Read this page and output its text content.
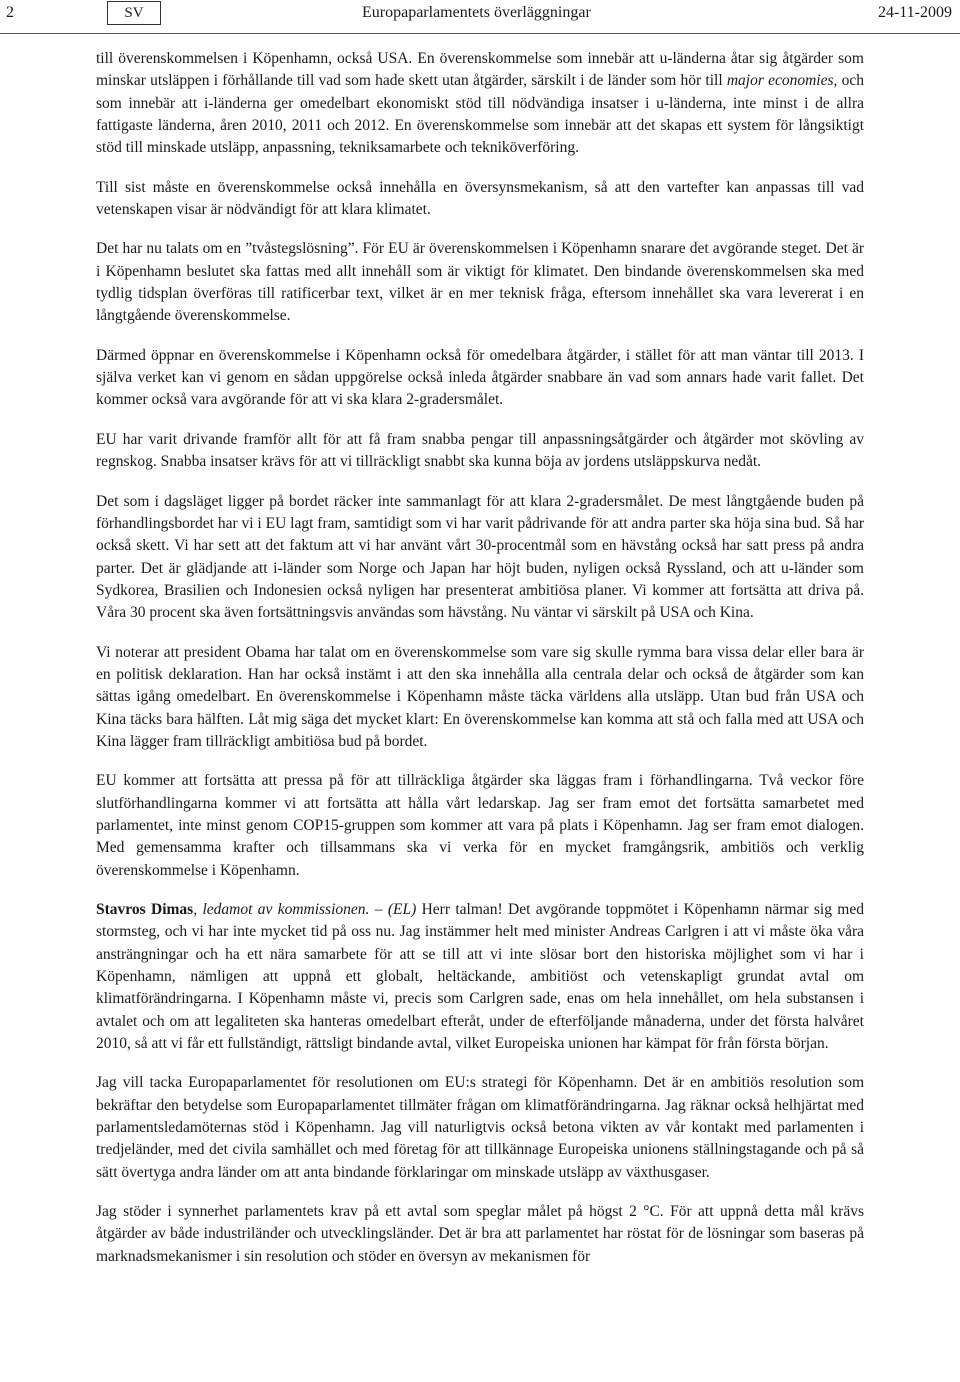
2	SV	Europaparlamentets överläggningar	24-11-2009

till överenskommelsen i Köpenhamn, också USA. En överenskommelse som innebär att u-länderna åtar sig åtgärder som minskar utsläppen i förhållande till vad som hade skett utan åtgärder, särskilt i de länder som hör till major economies, och som innebär att i-länderna ger omedelbart ekonomiskt stöd till nödvändiga insatser i u-länderna, inte minst i de allra fattigaste länderna, åren 2010, 2011 och 2012. En överenskommelse som innebär att det skapas ett system för långsiktigt stöd till minskade utsläpp, anpassning, tekniksamarbete och tekniköverföring.

Till sist måste en överenskommelse också innehålla en översynsmekanism, så att den vartefter kan anpassas till vad vetenskapen visar är nödvändigt för att klara klimatet.

Det har nu talats om en ”tvåstegslösning”. För EU är överenskommelsen i Köpenhamn snarare det avgörande steget. Det är i Köpenhamn beslutet ska fattas med allt innehåll som är viktigt för klimatet. Den bindande överenskommelsen ska med tydlig tidsplan överföras till ratificerbar text, vilket är en mer teknisk fråga, eftersom innehållet ska vara levererat i en långtgående överenskommelse.

Därmed öppnar en överenskommelse i Köpenhamn också för omedelbara åtgärder, i stället för att man väntar till 2013. I själva verket kan vi genom en sådan uppgörelse också inleda åtgärder snabbare än vad som annars hade varit fallet. Det kommer också vara avgörande för att vi ska klara 2-gradersmålet.

EU har varit drivande framför allt för att få fram snabba pengar till anpassningsåtgärder och åtgärder mot skövling av regnskog. Snabba insatser krävs för att vi tillräckligt snabbt ska kunna böja av jordens utsläppskurva nedåt.

Det som i dagsläget ligger på bordet räcker inte sammanlagt för att klara 2-gradersmålet. De mest långtgående buden på förhandlingsbordet har vi i EU lagt fram, samtidigt som vi har varit pådrivande för att andra parter ska höja sina bud. Så har också skett. Vi har sett att det faktum att vi har använt vårt 30-procentmål som en hävstång också har satt press på andra parter. Det är glädjande att i-länder som Norge och Japan har höjt buden, nyligen också Ryssland, och att u-länder som Sydkorea, Brasilien och Indonesien också nyligen har presenterat ambitiösa planer. Vi kommer att fortsätta att driva på. Våra 30 procent ska även fortsättningsvis användas som hävstång. Nu väntar vi särskilt på USA och Kina.

Vi noterar att president Obama har talat om en överenskommelse som vare sig skulle rymma bara vissa delar eller bara är en politisk deklaration. Han har också instämt i att den ska innehålla alla centrala delar och också de åtgärder som kan sättas igång omedelbart. En överenskommelse i Köpenhamn måste täcka världens alla utsläpp. Utan bud från USA och Kina täcks bara hälften. Låt mig säga det mycket klart: En överenskommelse kan komma att stå och falla med att USA och Kina lägger fram tillräckligt ambitiösa bud på bordet.

EU kommer att fortsätta att pressa på för att tillräckliga åtgärder ska läggas fram i förhandlingarna. Två veckor före slutförhandlingarna kommer vi att fortsätta att hålla vårt ledarskap. Jag ser fram emot det fortsätta samarbetet med parlamentet, inte minst genom COP15-gruppen som kommer att vara på plats i Köpenhamn. Jag ser fram emot dialogen. Med gemensamma krafter och tillsammans ska vi verka för en mycket framgångsrik, ambitiös och verklig överenskommelse i Köpenhamn.

Stavros Dimas, ledamot av kommissionen. – (EL) Herr talman! Det avgörande toppmötet i Köpenhamn närmar sig med stormsteg, och vi har inte mycket tid på oss nu. Jag instämmer helt med minister Andreas Carlgren i att vi måste öka våra ansträngningar och ha ett nära samarbete för att se till att vi inte slösar bort den historiska möjlighet som vi har i Köpenhamn, nämligen att uppnå ett globalt, heltäckande, ambitiöst och vetenskapligt grundat avtal om klimatförändringarna. I Köpenhamn måste vi, precis som Carlgren sade, enas om hela innehållet, om hela substansen i avtalet och om att legaliteten ska hanteras omedelbart efteråt, under de efterföljande månaderna, under det första halvåret 2010, så att vi får ett fullständigt, rättsligt bindande avtal, vilket Europeiska unionen har kämpat för från första början.

Jag vill tacka Europaparlamentet för resolutionen om EU:s strategi för Köpenhamn. Det är en ambitiös resolution som bekräftar den betydelse som Europaparlamentet tillmäter frågan om klimatförändringarna. Jag räknar också helhjärtat med parlamentsledamöternas stöd i Köpenhamn. Jag vill naturligtvis också betona vikten av vår kontakt med parlamenten i tredjeländer, med det civila samhället och med företag för att tillkännage Europeiska unionens ställningstagande och på så sätt övertyga andra länder om att anta bindande förklaringar om minskade utsläpp av växthusgaser.

Jag stöder i synnerhet parlamentets krav på ett avtal som speglar målet på högst 2 °C. För att uppnå detta mål krävs åtgärder av både industriländer och utvecklingsländer. Det är bra att parlamentet har röstat för de lösningar som baseras på marknadsmekanismer i sin resolution och stöder en översyn av mekanismen för
